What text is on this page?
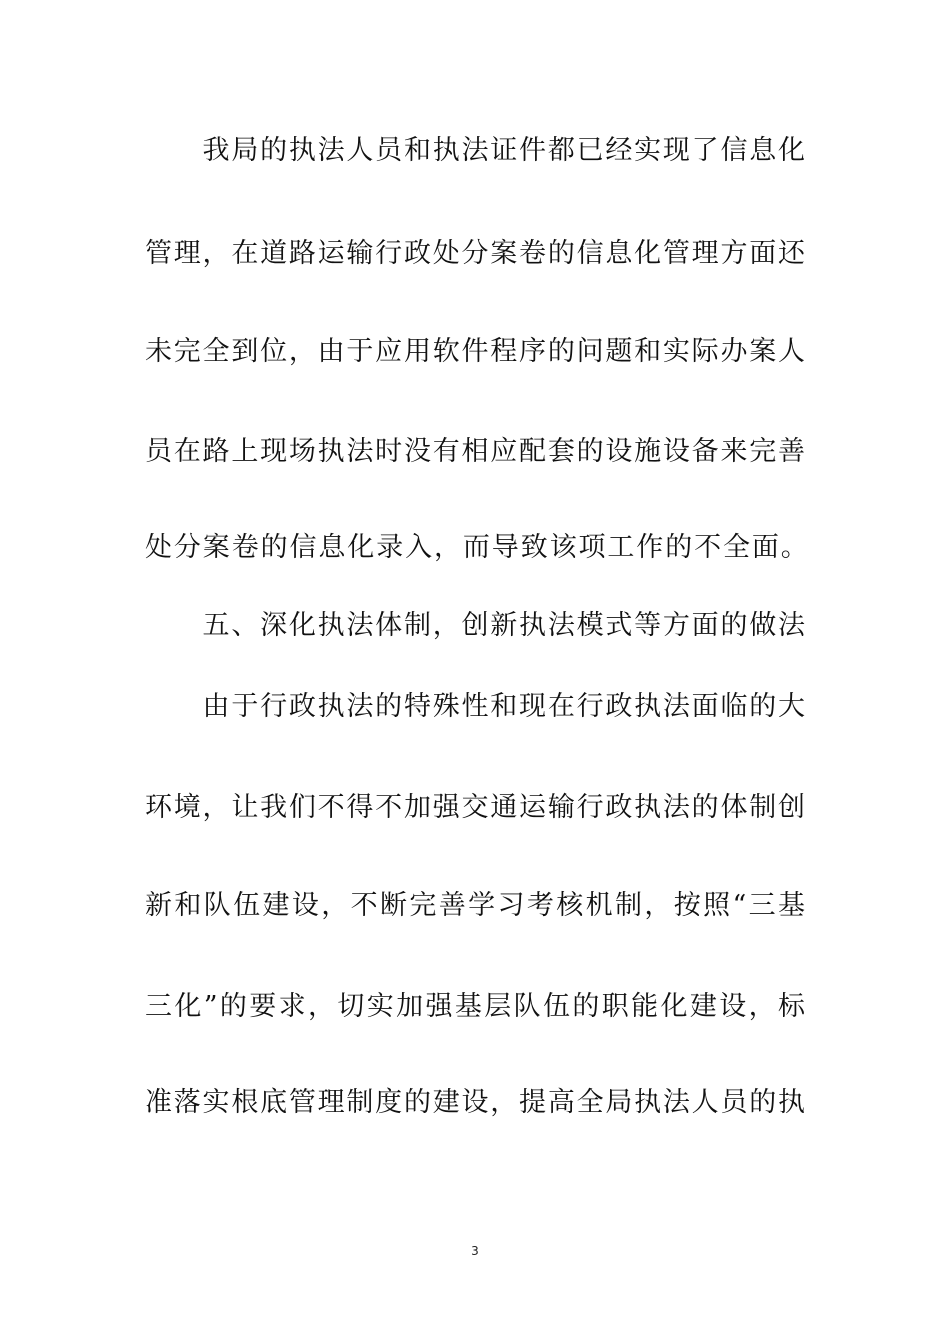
　　我局的执法人员和执法证件都已经实现了信息化
管理，在道路运输行政处分案卷的信息化管理方面还
未完全到位，由于应用软件程序的问题和实际办案人
员在路上现场执法时没有相应配套的设施设备来完善
处分案卷的信息化录入，而导致该项工作的不全面。
　　五、深化执法体制，创新执法模式等方面的做法
　　由于行政执法的特殊性和现在行政执法面临的大
环境，让我们不得不加强交通运输行政执法的体制创
新和队伍建设，不断完善学习考核机制，按照“三基
三化”的要求，切实加强基层队伍的职能化建设，标
准落实根底管理制度的建设，提高全局执法人员的执
3
